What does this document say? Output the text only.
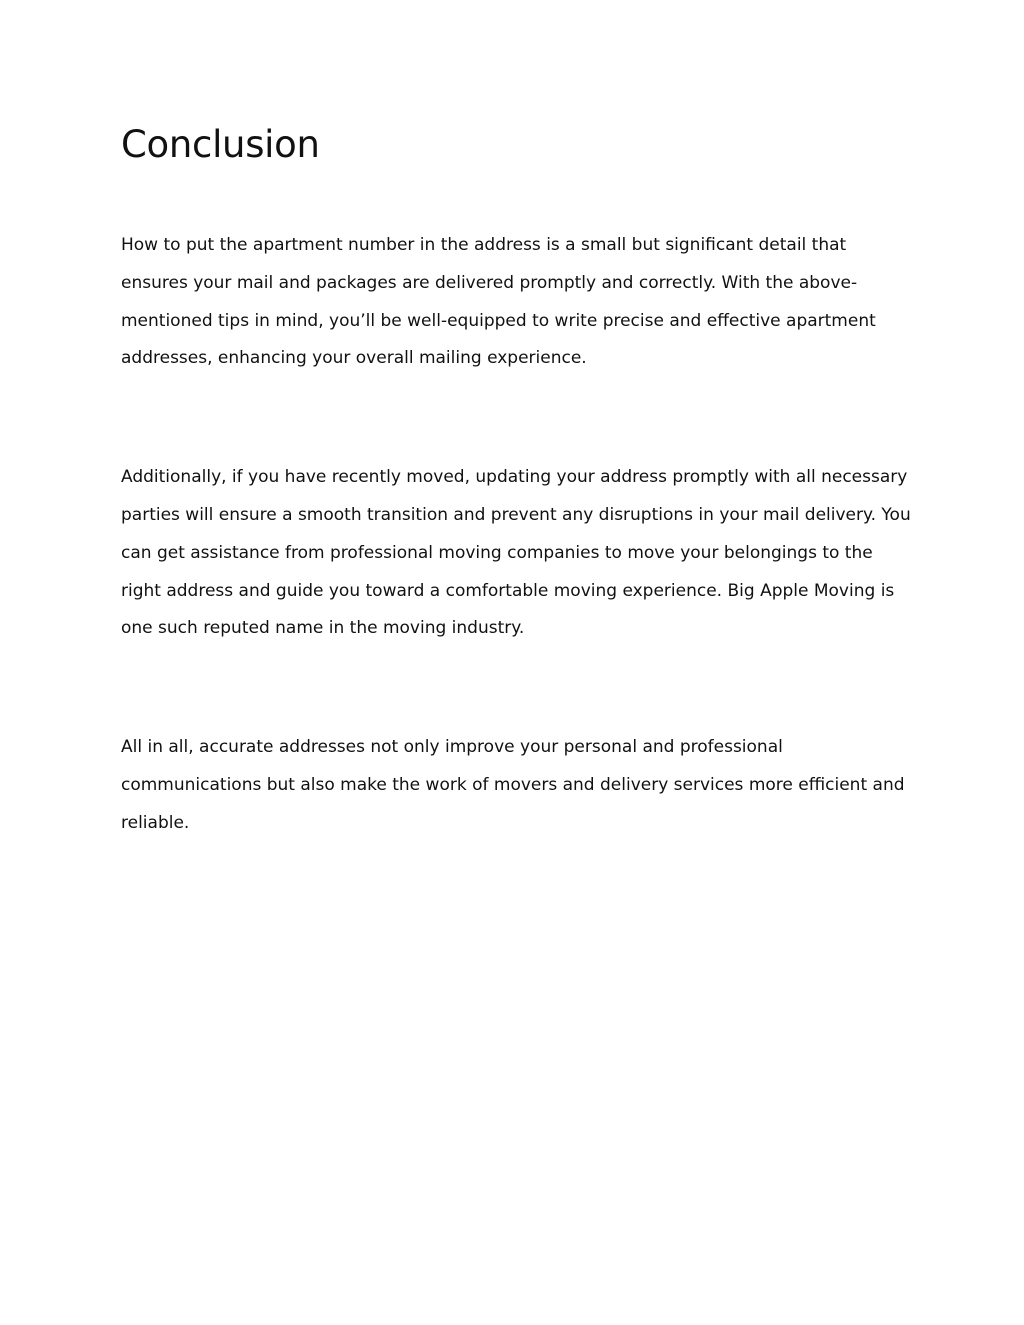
Conclusion

How to put the apartment number in the address is a small but significant detail that ensures your mail and packages are delivered promptly and correctly. With the above-mentioned tips in mind, you’ll be well-equipped to write precise and effective apartment addresses, enhancing your overall mailing experience.

Additionally, if you have recently moved, updating your address promptly with all necessary parties will ensure a smooth transition and prevent any disruptions in your mail delivery. You can get assistance from professional moving companies to move your belongings to the right address and guide you toward a comfortable moving experience. Big Apple Moving is one such reputed name in the moving industry.

All in all, accurate addresses not only improve your personal and professional communications but also make the work of movers and delivery services more efficient and reliable.
